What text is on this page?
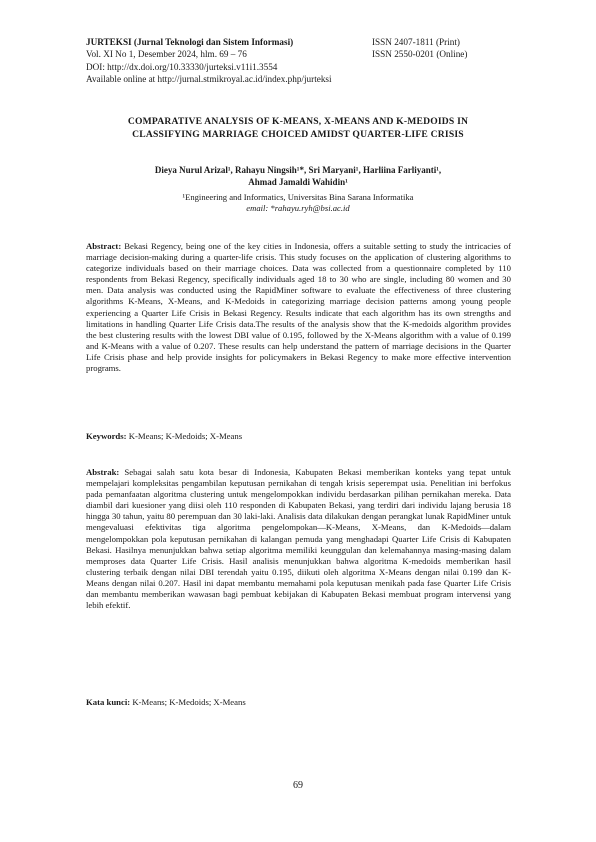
JURTEKSI (Jurnal Teknologi dan Sistem Informasi)	ISSN 2407-1811 (Print)
Vol. XI No 1, Desember 2024, hlm. 69 – 76	ISSN 2550-0201 (Online)
DOI: http://dx.doi.org/10.33330/jurteksi.v11i1.3554
Available online at http://jurnal.stmikroyal.ac.id/index.php/jurteksi
COMPARATIVE ANALYSIS OF K-MEANS, X-MEANS AND K-MEDOIDS IN
CLASSIFYING MARRIAGE CHOICED AMIDST QUARTER-LIFE CRISIS
Dieya Nurul Arizal¹, Rahayu Ningsih¹*, Sri Maryani¹, Harliina Farliyanti¹,
Ahmad Jamaldi Wahidin¹
¹Engineering and Informatics, Universitas Bina Sarana Informatika
email: *rahayu.ryh@bsi.ac.id

Abstract: Bekasi Regency, being one of the key cities in Indonesia, offers a suitable setting to study the intricacies of marriage decision-making during a quarter-life crisis. This study focuses on the application of clustering algorithms to categorize individuals based on their marriage choices. Data was collected from a questionnaire completed by 110 respondents from Bekasi Regency, specifically individuals aged 18 to 30 who are single, including 80 women and 30 men. Data analysis was conducted using the RapidMiner software to evaluate the effectiveness of three clustering algorithms K-Means, X-Means, and K-Medoids in categorizing marriage decision patterns among young people experiencing a Quarter Life Crisis in Bekasi Regency. Results indicate that each algorithm has its own strengths and limitations in handling Quarter Life Crisis data.The results of the analysis show that the K-medoids algorithm provides the best clustering results with the lowest DBI value of 0.195, followed by the X-Means algorithm with a value of 0.199 and K-Means with a value of 0.207. These results can help understand the pattern of marriage decisions in the Quarter Life Crisis phase and help provide insights for policymakers in Bekasi Regency to make more effective intervention programs.

Keywords: K-Means; K-Medoids; X-Means

Abstrak: Sebagai salah satu kota besar di Indonesia, Kabupaten Bekasi memberikan konteks yang tepat untuk mempelajari kompleksitas pengambilan keputusan pernikahan di tengah krisis seperempat usia. Penelitian ini berfokus pada pemanfaatan algoritma clustering untuk mengelompokkan individu berdasarkan pilihan pernikahan mereka. Data diambil dari kuesioner yang diisi oleh 110 responden di Kabupaten Bekasi, yang terdiri dari individu lajang berusia 18 hingga 30 tahun, yaitu 80 perempuan dan 30 laki-laki. Analisis data dilakukan dengan perangkat lunak RapidMiner untuk mengevaluasi efektivitas tiga algoritma pengelompokan—K-Means, X-Means, dan K-Medoids—dalam mengelompokkan pola keputusan pernikahan di kalangan pemuda yang menghadapi Quarter Life Crisis di Kabupaten Bekasi. Hasilnya menunjukkan bahwa setiap algoritma memiliki keunggulan dan kelemahannya masing-masing dalam memproses data Quarter Life Crisis. Hasil analisis menunjukkan bahwa algoritma K-medoids memberikan hasil clustering terbaik dengan nilai DBI terendah yaitu 0.195, diikuti oleh algoritma X-Means dengan nilai 0.199 dan K-Means dengan nilai 0.207. Hasil ini dapat membantu memahami pola keputusan menikah pada fase Quarter Life Crisis dan membantu memberikan wawasan bagi pembuat kebijakan di Kabupaten Bekasi membuat program intervensi yang lebih efektif.

Kata kunci: K-Means; K-Medoids; X-Means

69
